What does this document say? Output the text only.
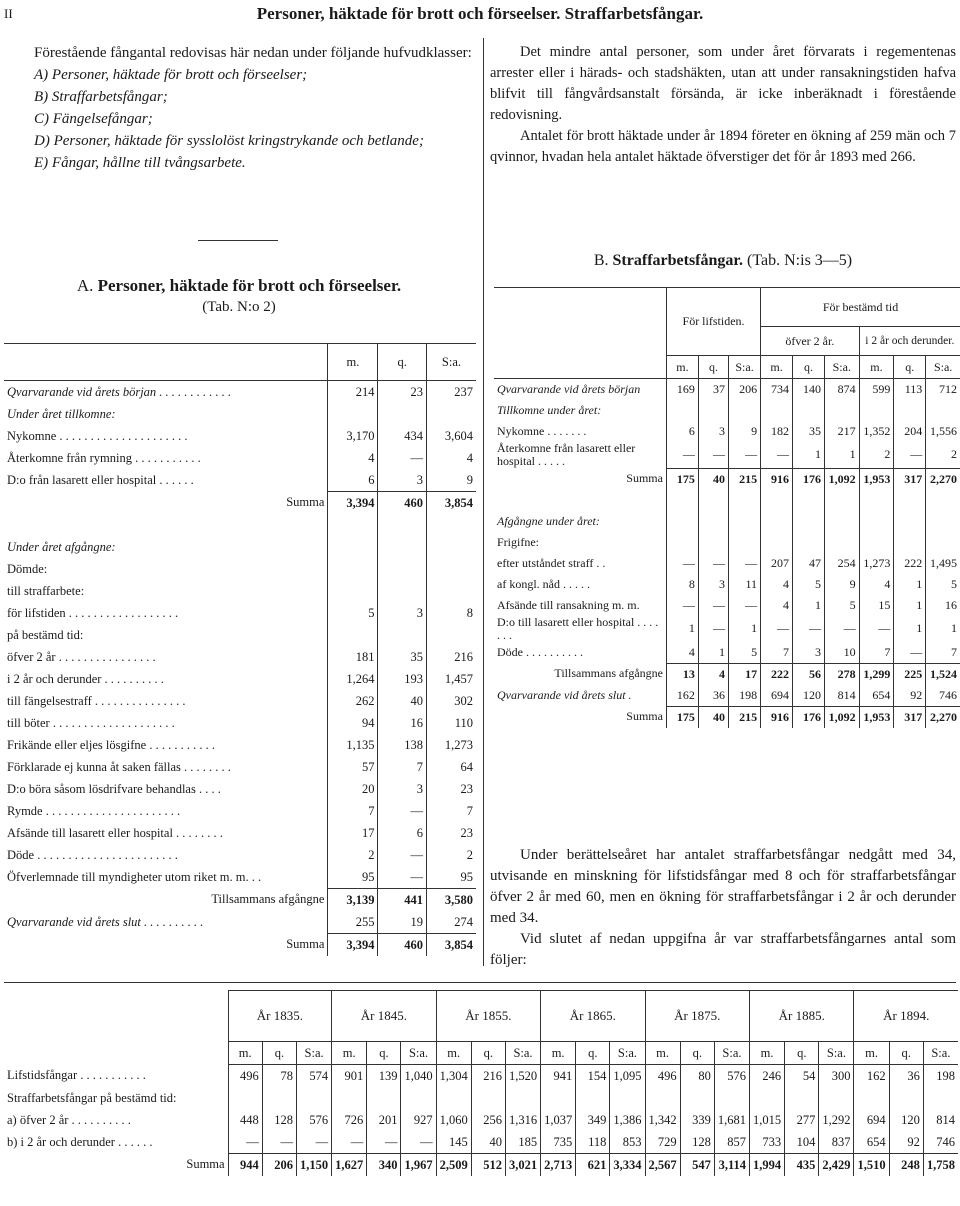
II	Personer, häktade för brott och förseelser. Straffarbetsfångar.

Förestående fångantal redovisas här nedan under följande hufvudklasser:

A) Personer, häktade för brott och förseelser;

B) Straffarbetsfångar;

C) Fängelsefångar;

D) Personer, häktade för sysslolöst kringstrykande och betlande;

E) Fångar, hållne till tvångsarbete.

Det mindre antal personer, som under året förvarats i regementenas arrester eller i härads- och stadshäkten, utan att under ransakningstiden hafva blifvit till fångvårdsanstalt försända, är icke inberäknadt i förestående redovisning.

Antalet för brott häktade under år 1894 företer en ökning af 259 män och 7 qvinnor, hvadan hela antalet häktade öfverstiger det för år 1893 med 266.

A. Personer, häktade för brott och förseelser.
(Tab. N:o 2)
B. Straffarbetsfångar. (Tab. N:is 3—5)
	m.	q.	S:a.
Qvarvarande vid årets början . . . . . . . . . . . .	214	23	237
Under året tillkomne:			
Nykomne . . . . . . . . . . . . . . . . . . . . .	3,170	434	3,604
Återkomne från rymning . . . . . . . . . . .	4	—	4
D:o från lasarett eller hospital . . . . . .	6	3	9
Summa	3,394	460	3,854

Under året afgångne:			
Dömde:			
till straffarbete:			
för lifstiden . . . . . . . . . . . . . . . . . .	5	3	8
på bestämd tid:			
öfver 2 år . . . . . . . . . . . . . . . .	181	35	216
i 2 år och derunder . . . . . . . . . .	1,264	193	1,457
till fängelsestraff . . . . . . . . . . . . . . .	262	40	302
till böter . . . . . . . . . . . . . . . . . . . .	94	16	110
Frikände eller eljes lösgifne . . . . . . . . . . .	1,135	138	1,273
Förklarade ej kunna åt saken fällas . . . . . . . .	57	7	64
D:o böra såsom lösdrifvare behandlas . . . .	20	3	23
Rymde . . . . . . . . . . . . . . . . . . . . . .	7	—	7
Afsände till lasarett eller hospital . . . . . . . .	17	6	23
Döde . . . . . . . . . . . . . . . . . . . . . . .	2	—	2
Öfverlemnade till myndigheter utom riket m. m. . .	95	—	95
Tillsammans afgångne	3,139	441	3,580
Qvarvarande vid årets slut . . . . . . . . . .	255	19	274
Summa	3,394	460	3,854
	För lifstiden.			För bestämd tid					
				öfver 2 år.			i 2 år och derunder.		
	m.	q.	S:a.	m.	q.	S:a.	m.	q.	S:a.
Qvarvarande vid årets början	169	37	206	734	140	874	599	113	712
Tillkomne under året:									
Nykomne . . . . . . .	6	3	9	182	35	217	1,352	204	1,556
Återkomne från lasarett eller hospital . . . . .	—	—	—	—	1	1	2	—	2
Summa	175	40	215	916	176	1,092	1,953	317	2,270

Afgångne under året:									
Frigifne:									
efter utståndet straff . .	—	—	—	207	47	254	1,273	222	1,495
af kongl. nåd . . . . .	8	3	11	4	5	9	4	1	5
Afsände till ransakning m. m.	—	—	—	4	1	5	15	1	16
D:o till lasarett eller hospital . . . . . . .	1	—	1	—	—	—	—	1	1
Döde . . . . . . . . . .	4	1	5	7	3	10	7	—	7
Tillsammans afgångne	13	4	17	222	56	278	1,299	225	1,524
Qvarvarande vid årets slut .	162	36	198	694	120	814	654	92	746
Summa	175	40	215	916	176	1,092	1,953	317	2,270

Under berättelseåret har antalet straffarbetsfångar nedgått med 34, utvisande en minskning för lifstidsfångar med 8 och för straffarbetsfångar öfver 2 år med 60, men en ökning för straffarbetsfångar i 2 år och derunder med 34.

Vid slutet af nedan uppgifna år var straffarbetsfångarnes antal som följer:

	År 1835.			År 1845.			År 1855.			År 1865.			År 1875.			År 1885.			År 1894.		
	m.	q.	S:a.	m.	q.	S:a.	m.	q.	S:a.	m.	q.	S:a.	m.	q.	S:a.	m.	q.	S:a.	m.	q.	S:a.
Lifstidsfångar . . . . . . . . . . .	496	78	574	901	139	1,040	1,304	216	1,520	941	154	1,095	496	80	576	246	54	300	162	36	198
Straffarbetsfångar på bestämd tid:																					
a) öfver 2 år . . . . . . . . . .	448	128	576	726	201	927	1,060	256	1,316	1,037	349	1,386	1,342	339	1,681	1,015	277	1,292	694	120	814
b) i 2 år och derunder . . . . . .	—	—	—	—	—	—	145	40	185	735	118	853	729	128	857	733	104	837	654	92	746
Summa	944	206	1,150	1,627	340	1,967	2,509	512	3,021	2,713	621	3,334	2,567	547	3,114	1,994	435	2,429	1,510	248	1,758
